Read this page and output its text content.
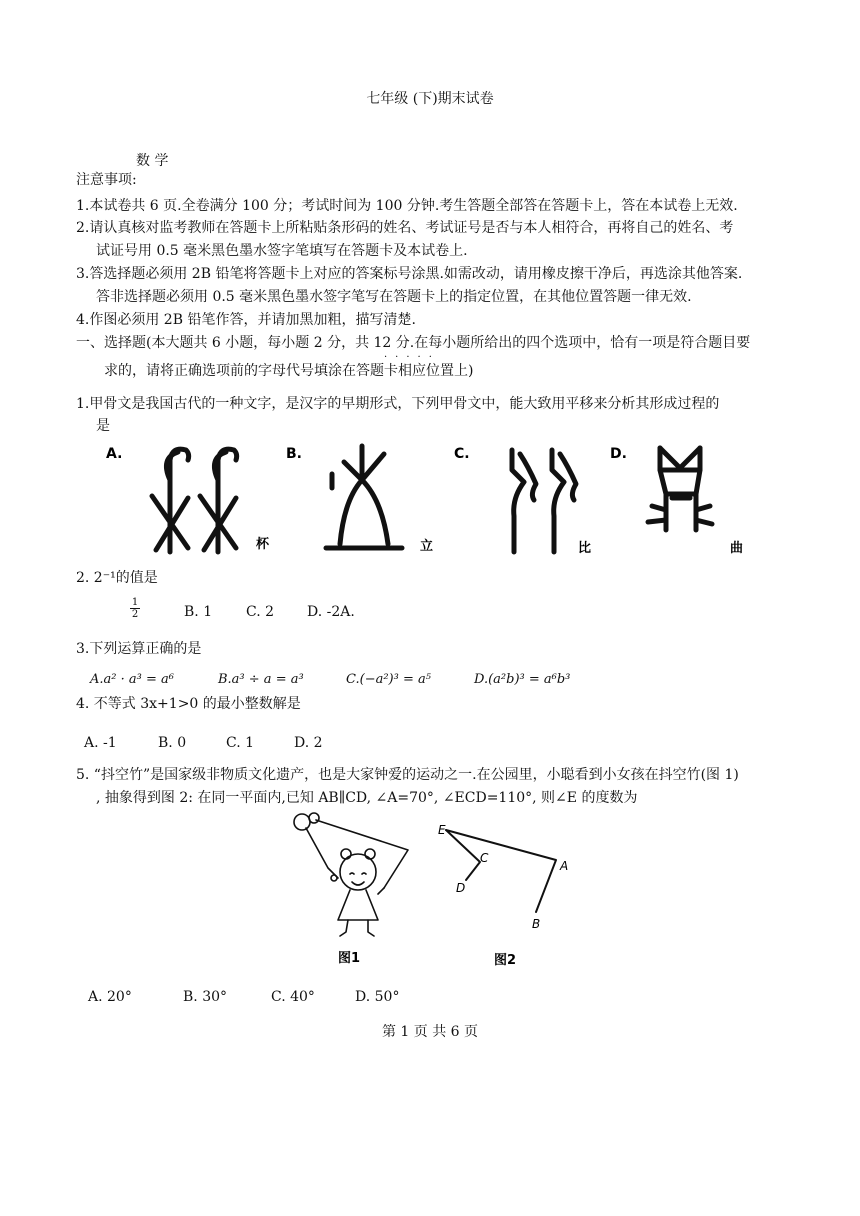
七年级 (下)期末试卷
数 学
注意事项:
1.本试卷共 6 页.全卷满分 100 分；考试时间为 100 分钟.考生答题全部答在答题卡上，答在本试卷上无效.
2.请认真核对监考教师在答题卡上所粘贴条形码的姓名、考试证号是否与本人相符合，再将自己的姓名、考
试证号用 0.5 毫米黑色墨水签字笔填写在答题卡及本试卷上.
3.答选择题必须用 2B 铅笔将答题卡上对应的答案标号涂黑.如需改动，请用橡皮擦干净后，再选涂其他答案.
答非选择题必须用 0.5 毫米黑色墨水签字笔写在答题卡上的指定位置，在其他位置答题一律无效.
4.作图必须用 2B 铅笔作答，并请加黑加粗，描写清楚.
一、选择题(本大题共 6 小题，每小题 2 分，共 12 分.在每小题所给出的四个选项中，恰有一项是符合题目要
求的，请将正确选项前的字母代号填涂在答题卡相应位置上)
·····
1.甲骨文是我国古代的一种文字，是汉字的早期形式，下列甲骨文中，能大致用平移来分析其形成过程的
是
A.	B.	C.	D.
杯	立	比	曲
2. 2⁻¹的值是
$\frac{1}{2}$	B. 1 C. 2 D. -2A.
3.下列运算正确的是
A.a² · a³ = a⁶	B.a³ ÷ a = a³	C.(−a²)³ = a⁵	D.(a²b)³ = a⁶b³
4. 不等式 3x+1>0 的最小整数解是
A. -1	B. 0	C. 1	D. 2
5. “抖空竹”是国家级非物质文化遗产，也是大家钟爱的运动之一.在公园里，小聪看到小女孩在抖空竹(图 1)
, 抽象得到图 2: 在同一平面内,已知 AB∥CD, ∠A=70°, ∠ECD=110°, 则∠E 的度数为
E
C
D
A
B
图1	图2
A. 20°	B. 30°	C. 40°	D. 50°
第 1 页 共 6 页
